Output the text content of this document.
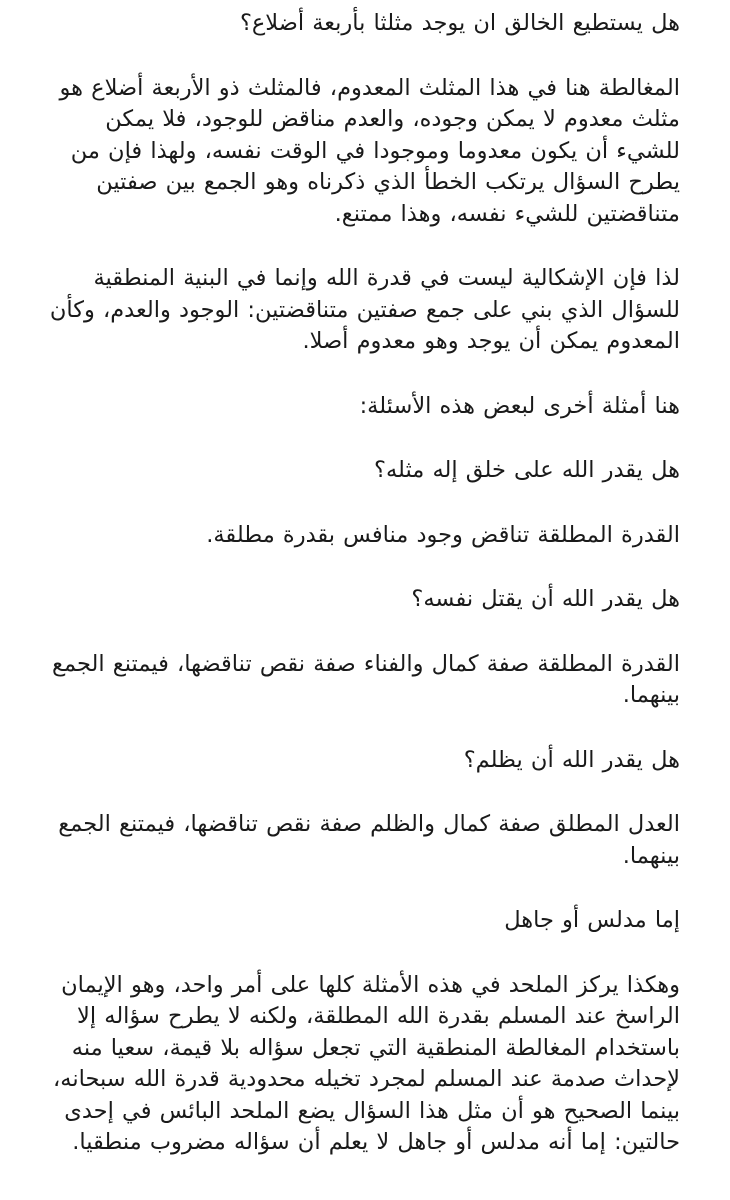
هل يستطيع الخالق ان يوجد مثلثا بأربعة أضلاع؟

المغالطة هنا في هذا المثلث المعدوم، فالمثلث ذو الأربعة أضلاع هو مثلث معدوم لا يمكن وجوده، والعدم مناقض للوجود، فلا يمكن للشيء أن يكون معدوما وموجودا في الوقت نفسه، ولهذا فإن من يطرح السؤال يرتكب الخطأ الذي ذكرناه وهو الجمع بين صفتين متناقضتين للشيء نفسه، وهذا ممتنع.

لذا فإن الإشكالية ليست في قدرة الله وإنما في البنية المنطقية للسؤال الذي بني على جمع صفتين متناقضتين: الوجود والعدم، وكأن المعدوم يمكن أن يوجد وهو معدوم أصلا.

هنا أمثلة أخرى لبعض هذه الأسئلة:

هل يقدر الله على خلق إله مثله؟

القدرة المطلقة تناقض وجود منافس بقدرة مطلقة.

هل يقدر الله أن يقتل نفسه؟

القدرة المطلقة صفة كمال والفناء صفة نقص تناقضها، فيمتنع الجمع بينهما.

هل يقدر الله أن يظلم؟

العدل المطلق صفة كمال والظلم صفة نقص تناقضها، فيمتنع الجمع بينهما.

إما مدلس أو جاهل

وهكذا يركز الملحد في هذه الأمثلة كلها على أمر واحد، وهو الإيمان الراسخ عند المسلم بقدرة الله المطلقة، ولكنه لا يطرح سؤاله إلا باستخدام المغالطة المنطقية التي تجعل سؤاله بلا قيمة، سعيا منه لإحداث صدمة عند المسلم لمجرد تخيله محدودية قدرة الله سبحانه، بينما الصحيح هو أن مثل هذا السؤال يضع الملحد البائس في إحدى حالتين: إما أنه مدلس أو جاهل لا يعلم أن سؤاله مضروب منطقيا.
